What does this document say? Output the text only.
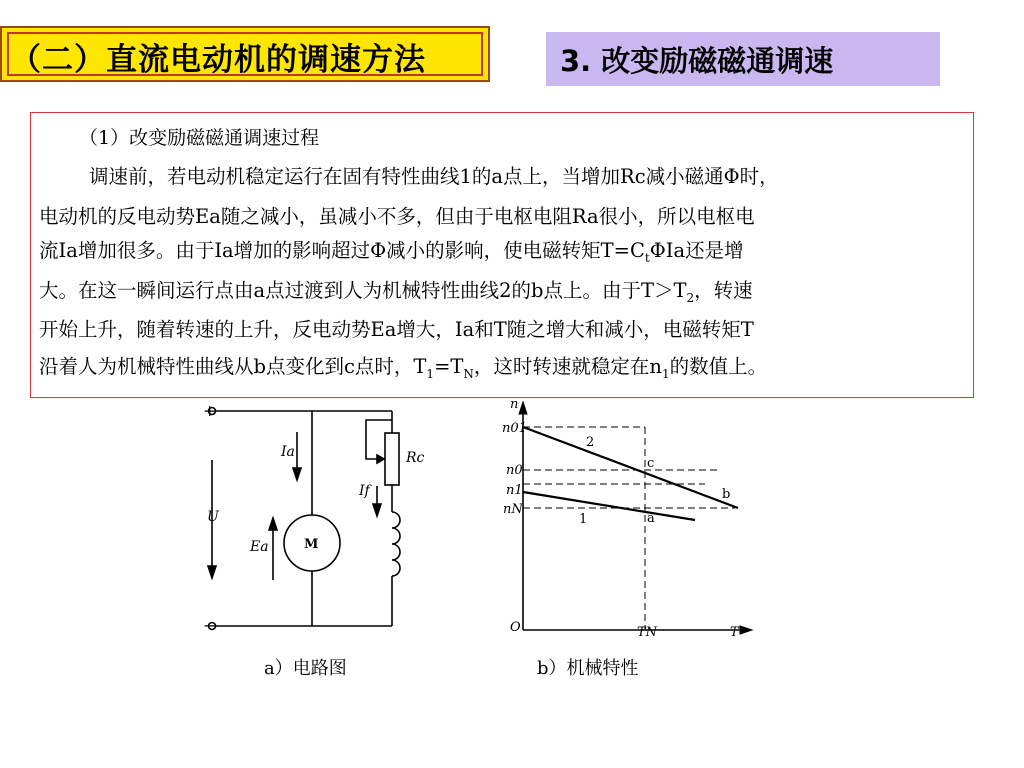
（二）直流电动机的调速方法	3. 改变励磁磁通调速
（1）改变励磁磁通调速过程
调速前，若电动机稳定运行在固有特性曲线1的a点上，当增加Rc减小磁通Φ时，
电动机的反电动势Ea随之减小，虽减小不多，但由于电枢电阻Ra很小，所以电枢电
流Ia增加很多。由于Ia增加的影响超过Φ减小的影响，使电磁转矩$T=C_t\Phi Ia$还是增
大。在这一瞬间运行点由a点过渡到人为机械特性曲线2的b点上。由于$T>T_2$，转速
开始上升，随着转速的上升，反电动势Ea增大，Ia和T随之增大和减小，电磁转矩T
沿着人为机械特性曲线从b点变化到c点时，$T_1=T_N$，这时转速就稳定在$n_1$的数值上。
+
−
U
Ia
Ea	M
Rc
If
n
n01
n0
n1
nN
O	TN	T
2
1	a
b
c
a）电路图	b）机械特性
